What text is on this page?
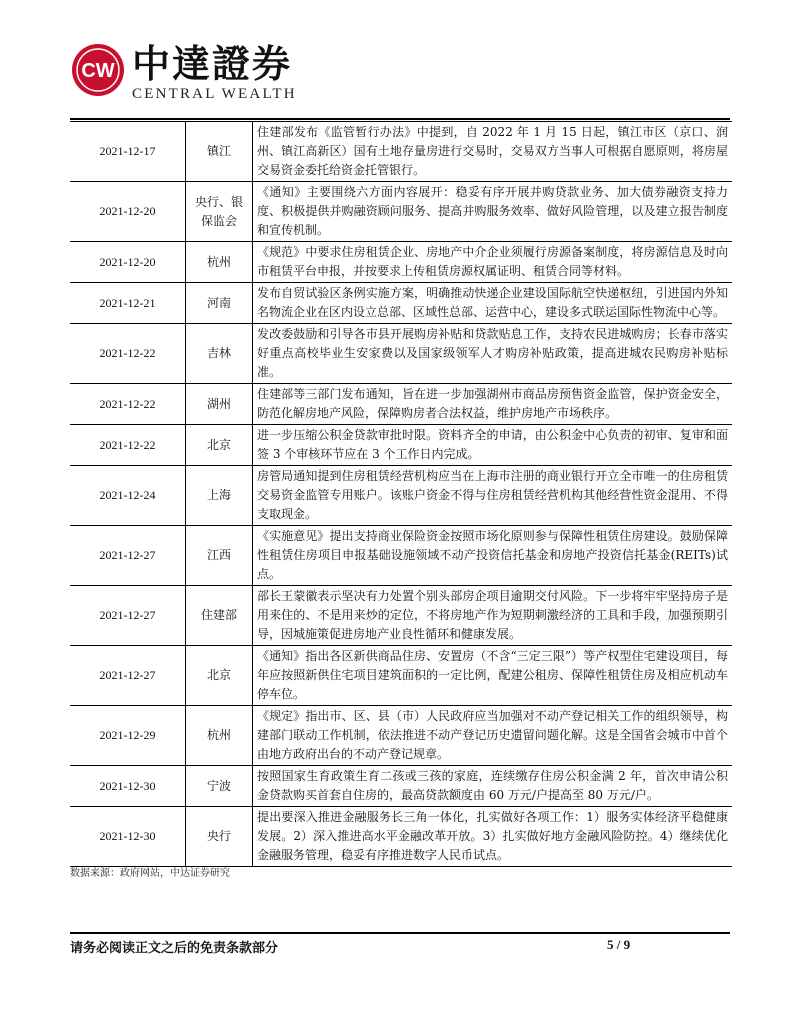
CW 中達證券
CENTRAL WEALTH
2021-12-17	镇江	住建部发布《监管暂行办法》中提到，自 2022 年 1 月 15 日起，镇江市区（京口、润州、镇江高新区）国有土地存量房进行交易时，交易双方当事人可根据自愿原则，将房屋交易资金委托给资金托管银行。
2021-12-20	央行、银保监会	《通知》主要围绕六方面内容展开：稳妥有序开展并购贷款业务、加大债券融资支持力度、积极提供并购融资顾问服务、提高并购服务效率、做好风险管理，以及建立报告制度和宣传机制。
2021-12-20	杭州	《规范》中要求住房租赁企业、房地产中介企业须履行房源备案制度，将房源信息及时向市租赁平台申报，并按要求上传租赁房源权属证明、租赁合同等材料。
2021-12-21	河南	发布自贸试验区条例实施方案，明确推动快递企业建设国际航空快递枢纽，引进国内外知名物流企业在区内设立总部、区域性总部、运营中心，建设多式联运国际性物流中心等。
2021-12-22	吉林	发改委鼓励和引导各市县开展购房补贴和贷款贴息工作，支持农民进城购房；长春市落实好重点高校毕业生安家费以及国家级领军人才购房补贴政策，提高进城农民购房补贴标准。
2021-12-22	湖州	住建部等三部门发布通知，旨在进一步加强湖州市商品房预售资金监管，保护资金安全，防范化解房地产风险，保障购房者合法权益，维护房地产市场秩序。
2021-12-22	北京	进一步压缩公积金贷款审批时限。资料齐全的申请，由公积金中心负责的初审、复审和面签 3 个审核环节应在 3 个工作日内完成。
2021-12-24	上海	房管局通知提到住房租赁经营机构应当在上海市注册的商业银行开立全市唯一的住房租赁交易资金监管专用账户。该账户资金不得与住房租赁经营机构其他经营性资金混用、不得支取现金。
2021-12-27	江西	《实施意见》提出支持商业保险资金按照市场化原则参与保障性租赁住房建设。鼓励保障性租赁住房项目申报基础设施领域不动产投资信托基金和房地产投资信托基金(REITs)试点。
2021-12-27	住建部	部长王蒙徽表示坚决有力处置个别头部房企项目逾期交付风险。下一步将牢牢坚持房子是用来住的、不是用来炒的定位，不将房地产作为短期刺激经济的工具和手段，加强预期引导，因城施策促进房地产业良性循环和健康发展。
2021-12-27	北京	《通知》指出各区新供商品住房、安置房（不含“三定三限”）等产权型住宅建设项目，每年应按照新供住宅项目建筑面积的一定比例，配建公租房、保障性租赁住房及相应机动车停车位。
2021-12-29	杭州	《规定》指出市、区、县（市）人民政府应当加强对不动产登记相关工作的组织领导，构建部门联动工作机制，依法推进不动产登记历史遗留问题化解。这是全国省会城市中首个由地方政府出台的不动产登记规章。
2021-12-30	宁波	按照国家生育政策生育二孩或三孩的家庭，连续缴存住房公积金满 2 年，首次申请公积金贷款购买首套自住房的，最高贷款额度由 60 万元/户提高至 80 万元/户。
2021-12-30	央行	提出要深入推进金融服务长三角一体化，扎实做好各项工作：1）服务实体经济平稳健康发展。2）深入推进高水平金融改革开放。3）扎实做好地方金融风险防控。4）继续优化金融服务管理，稳妥有序推进数字人民币试点。
数据来源：政府网站，中达证券研究
请务必阅读正文之后的免责条款部分	5 / 9
